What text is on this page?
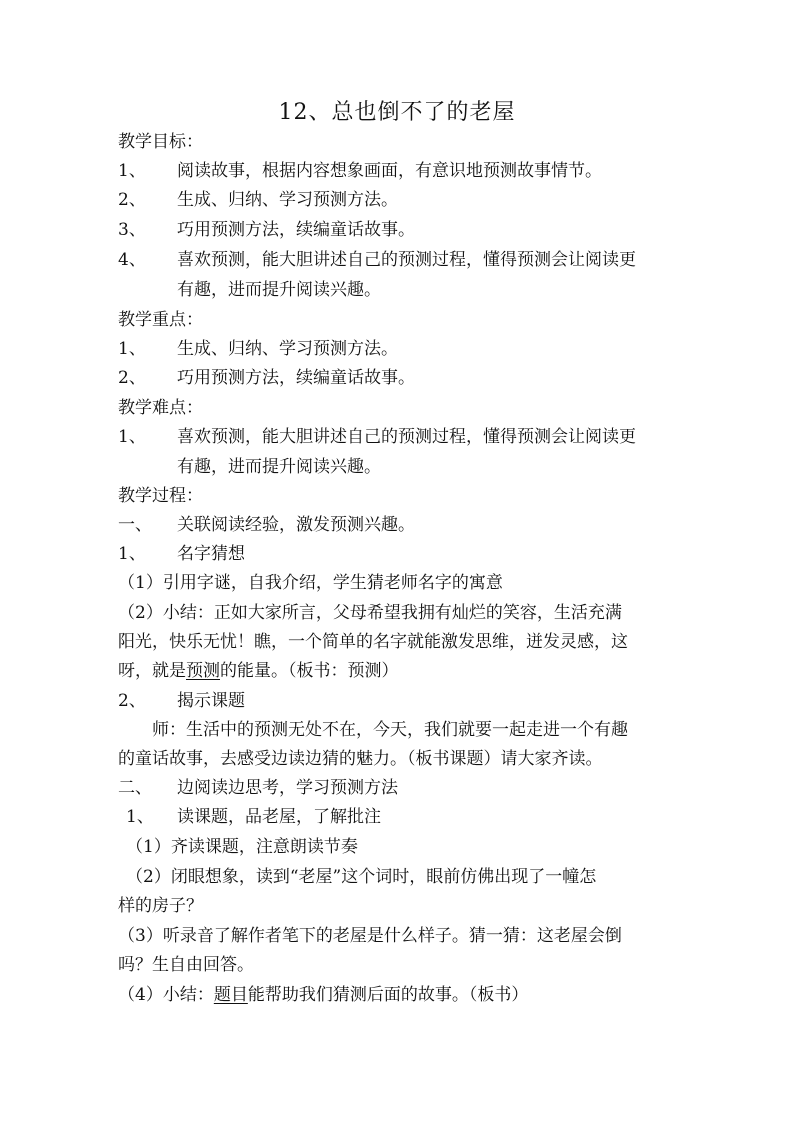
12、总也倒不了的老屋
教学目标：
1、 阅读故事，根据内容想象画面，有意识地预测故事情节。
2、 生成、归纳、学习预测方法。
3、 巧用预测方法，续编童话故事。
4、 喜欢预测，能大胆讲述自己的预测过程，懂得预测会让阅读更
有趣，进而提升阅读兴趣。
教学重点：
1、 生成、归纳、学习预测方法。
2、 巧用预测方法，续编童话故事。
教学难点：
1、 喜欢预测，能大胆讲述自己的预测过程，懂得预测会让阅读更
有趣，进而提升阅读兴趣。
教学过程：
一、 关联阅读经验，激发预测兴趣。
1、 名字猜想
（1）引用字谜，自我介绍，学生猜老师名字的寓意
（2）小结：正如大家所言，父母希望我拥有灿烂的笑容，生活充满
阳光，快乐无忧！瞧，一个简单的名字就能激发思维，迸发灵感，这
呀，就是预测的能量。（板书：预测）
2、 揭示课题
师：生活中的预测无处不在，今天，我们就要一起走进一个有趣
的童话故事，去感受边读边猜的魅力。（板书课题）请大家齐读。
二、 边阅读边思考，学习预测方法
1、 读课题，品老屋，了解批注
（1）齐读课题，注意朗读节奏
（2）闭眼想象，读到“老屋”这个词时，眼前仿佛出现了一幢怎
样的房子？
（3）听录音了解作者笔下的老屋是什么样子。猜一猜：这老屋会倒
吗？生自由回答。
（4）小结：题目能帮助我们猜测后面的故事。（板书）
